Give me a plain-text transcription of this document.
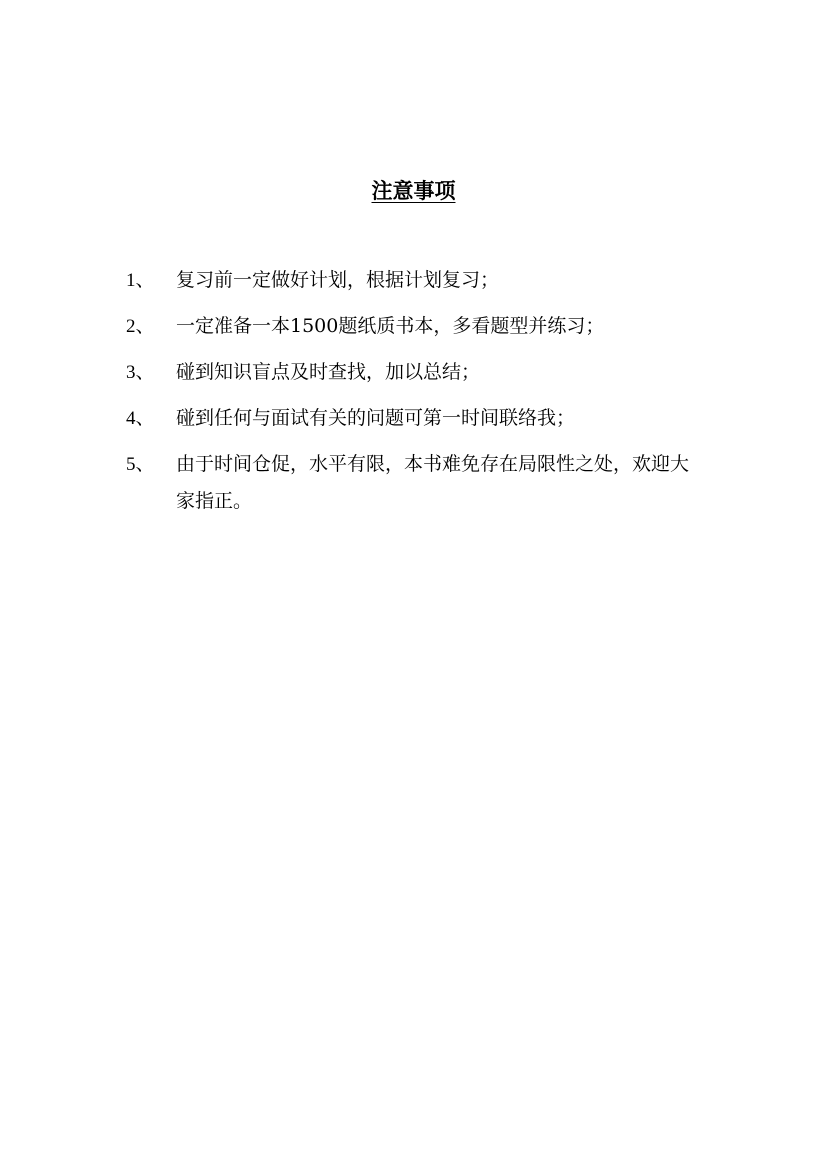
注意事项
1、	复习前一定做好计划，根据计划复习；
2、	一定准备一本1500题纸质书本，多看题型并练习；
3、	碰到知识盲点及时查找，加以总结；
4、	碰到任何与面试有关的问题可第一时间联络我；
5、	由于时间仓促，水平有限，本书难免存在局限性之处，欢迎大家指正。
